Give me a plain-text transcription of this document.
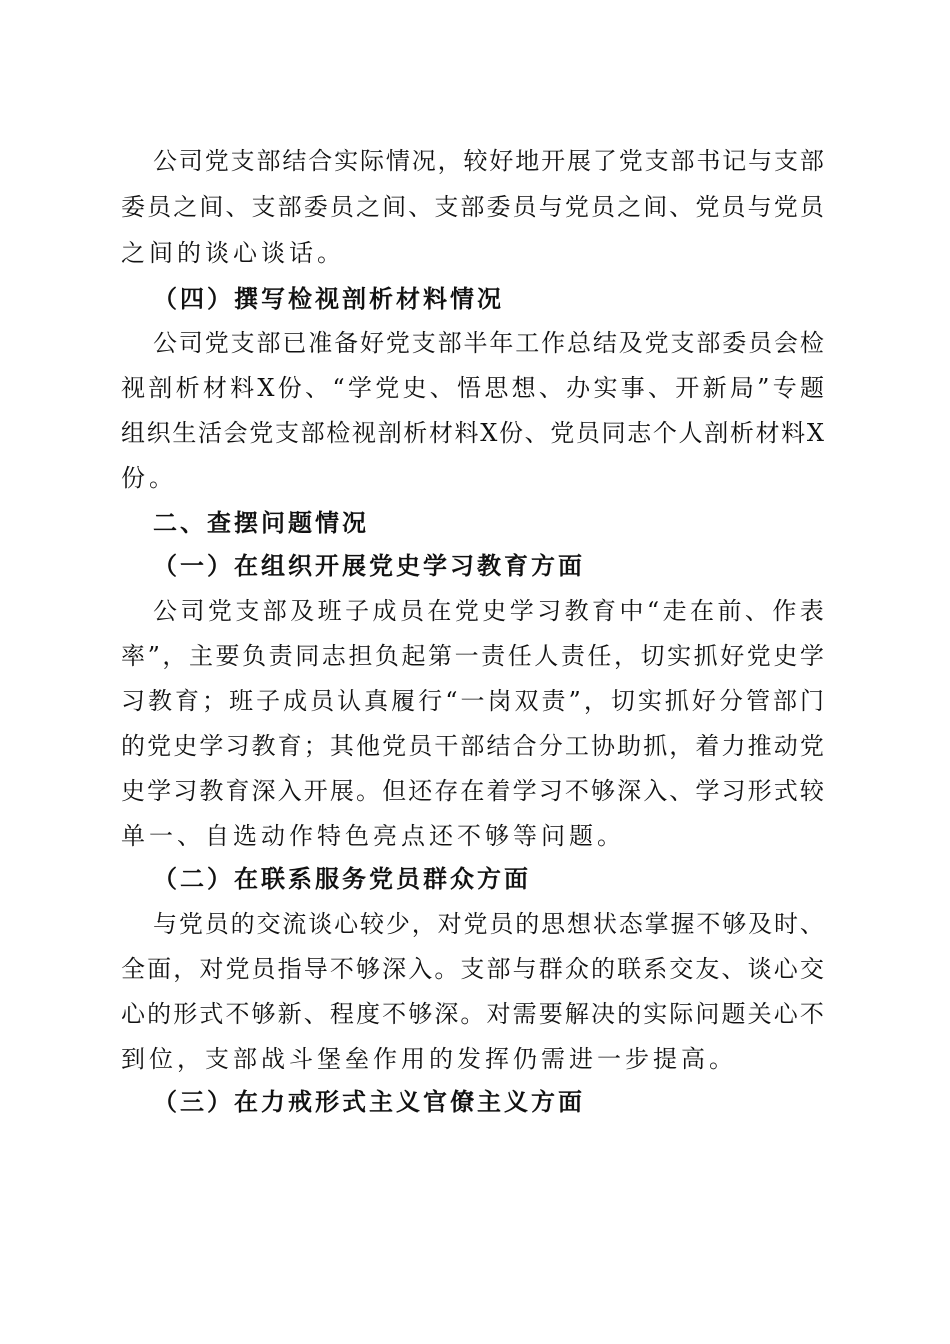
公 司 党 支 部 结 合 实 际 情 况 ， 较 好 地 开 展 了 党 支 部 书 记 与 支 部
委 员 之 间 、 支 部 委 员 之 间 、 支 部 委 员 与 党 员 之 间 、 党 员 与 党 员
之间的谈心谈话。
（四）撰写检视剖析材料情况
公 司 党 支 部 已 准 备 好 党 支 部 半 年 工 作 总 结 及 党 支 部 委 员 会 检
视 剖 析 材 料 X 份 、 “ 学 党 史 、 悟 思 想 、 办 实 事 、 开 新 局 ” 专 题
组 织 生 活 会 党 支 部 检 视 剖 析 材 料 X 份 、 党 员 同 志 个 人 剖 析 材 料 X
份。
二、查摆问题情况
（一）在组织开展党史学习教育方面
公 司 党 支 部 及 班 子 成 员 在 党 史 学 习 教 育 中 “ 走 在 前 、 作 表
率 ” ， 主 要 负 责 同 志 担 负 起 第 一 责 任 人 责 任 ， 切 实 抓 好 党 史 学
习 教 育 ； 班 子 成 员 认 真 履 行 “ 一 岗 双 责 ” ， 切 实 抓 好 分 管 部 门
的 党 史 学 习 教 育 ； 其 他 党 员 干 部 结 合 分 工 协 助 抓 ， 着 力 推 动 党
史 学 习 教 育 深 入 开 展 。 但 还 存 在 着 学 习 不 够 深 入 、 学 习 形 式 较
单一、自选动作特色亮点还不够等问题。
（二）在联系服务党员群众方面
与 党 员 的 交 流 谈 心 较 少 ， 对 党 员 的 思 想 状 态 掌 握 不 够 及 时 、
全 面 ， 对 党 员 指 导 不 够 深 入 。 支 部 与 群 众 的 联 系 交 友 、 谈 心 交
心 的 形 式 不 够 新 、 程 度 不 够 深 。 对 需 要 解 决 的 实 际 问 题 关 心 不
到位，支部战斗堡垒作用的发挥仍需进一步提高。
（三）在力戒形式主义官僚主义方面
